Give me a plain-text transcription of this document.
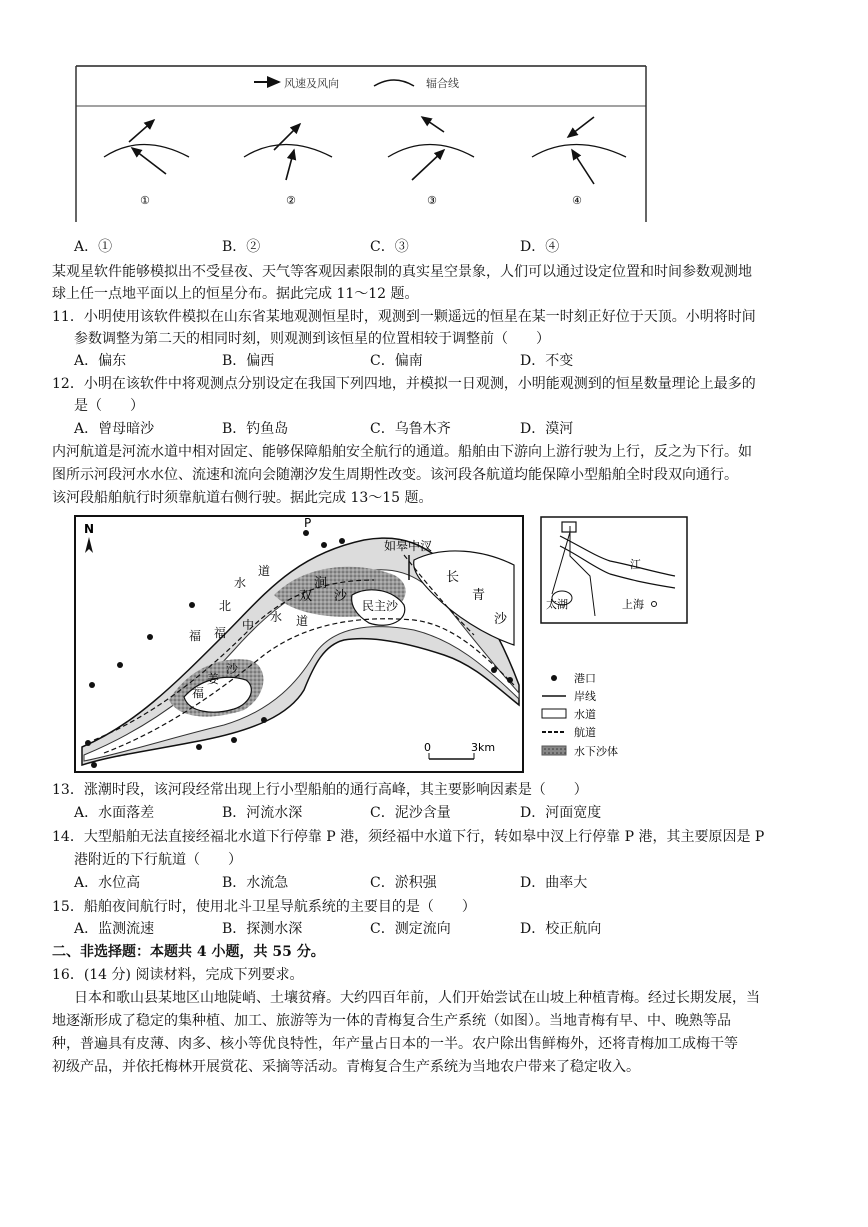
风速及风向	辐合线
①	②	③	④
A．①	B．②	C．③	D．④
某观星软件能够模拟出不受昼夜、天气等客观因素限制的真实星空景象，人们可以通过设定位置和时间参数观测地
球上任一点地平面以上的恒星分布。据此完成 11～12 题。
11．小明使用该软件模拟在山东省某地观测恒星时，观测到一颗遥远的恒星在某一时刻正好位于天顶。小明将时间
参数调整为第二天的相同时刻，则观测到该恒星的位置相较于调整前（　　）
A．偏东	B．偏西	C．偏南	D．不变
12．小明在该软件中将观测点分别设定在我国下列四地，并模拟一日观测，小明能观测到的恒星数量理论上最多的
是（　　）
A．曾母暗沙	B．钓鱼岛	C．乌鲁木齐	D．漠河
内河航道是河流水道中相对固定、能够保障船舶安全航行的通道。船舶由下游向上游行驶为上行，反之为下行。如
图所示河段河水水位、流速和流向会随潮汐发生周期性改变。该河段各航道均能保障小型船舶全时段双向通行。
该河段船舶航行时须靠航道右侧行驶。据此完成 13～15 题。
N	P
如皋中汊
双
涧
沙
民主沙
长
青
沙
福
北
水
道
福
中
水 道
福
姜
沙
0	3km
港口
岸线
水道
航道
水下沙体
太湖
江
上海
13．涨潮时段，该河段经常出现上行小型船舶的通行高峰，其主要影响因素是（　　）
A．水面落差	B．河流水深	C．泥沙含量	D．河面宽度
14．大型船舶无法直接经福北水道下行停靠 P 港，须经福中水道下行，转如皋中汊上行停靠 P 港，其主要原因是 P
港附近的下行航道（　　）
A．水位高	B．水流急	C．淤积强	D．曲率大
15．船舶夜间航行时，使用北斗卫星导航系统的主要目的是（　　）
A．监测流速	B．探测水深	C．测定流向	D．校正航向
二、非选择题：本题共 4 小题，共 55 分。
16．(14 分) 阅读材料，完成下列要求。
日本和歌山县某地区山地陡峭、土壤贫瘠。大约四百年前，人们开始尝试在山坡上种植青梅。经过长期发展，当
地逐渐形成了稳定的集种植、加工、旅游等为一体的青梅复合生产系统（如图）。当地青梅有早、中、晚熟等品
种，普遍具有皮薄、肉多、核小等优良特性，年产量占日本的一半。农户除出售鲜梅外，还将青梅加工成梅干等
初级产品，并依托梅林开展赏花、采摘等活动。青梅复合生产系统为当地农户带来了稳定收入。
